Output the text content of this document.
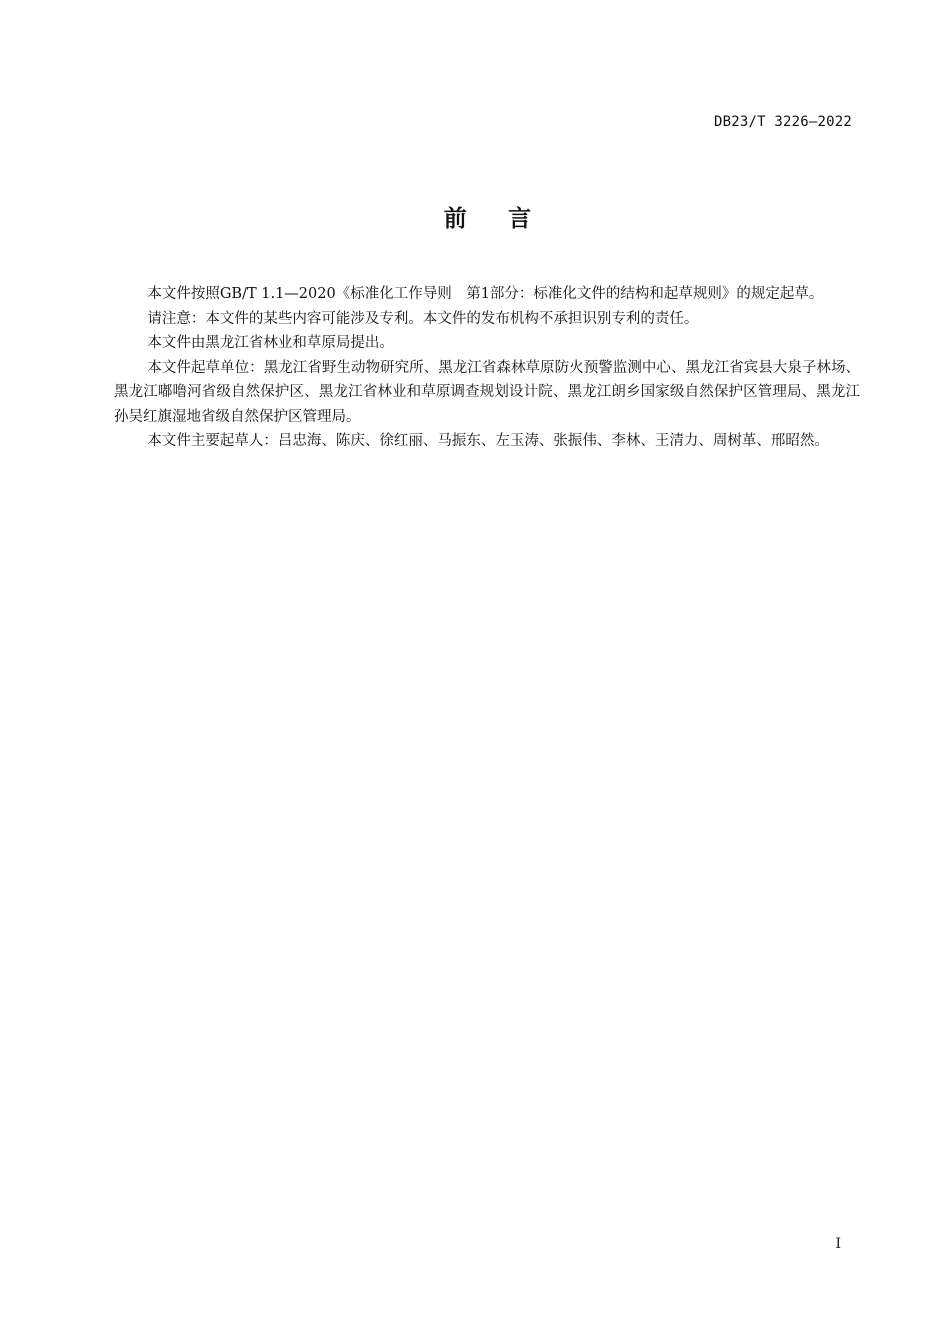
DB23/T 3226—2022
前言

本文件按照GB/T 1.1—2020《标准化工作导则　第1部分：标准化文件的结构和起草规则》的规定起草。

请注意：本文件的某些内容可能涉及专利。本文件的发布机构不承担识别专利的责任。

本文件由黑龙江省林业和草原局提出。

本文件起草单位：黑龙江省野生动物研究所、黑龙江省森林草原防火预警监测中心、黑龙江省宾县大泉子林场、黑龙江嘟噜河省级自然保护区、黑龙江省林业和草原调查规划设计院、黑龙江朗乡国家级自然保护区管理局、黑龙江孙吴红旗湿地省级自然保护区管理局。

本文件主要起草人：吕忠海、陈庆、徐红丽、马振东、左玉涛、张振伟、李林、王清力、周树革、邢昭然。

I
